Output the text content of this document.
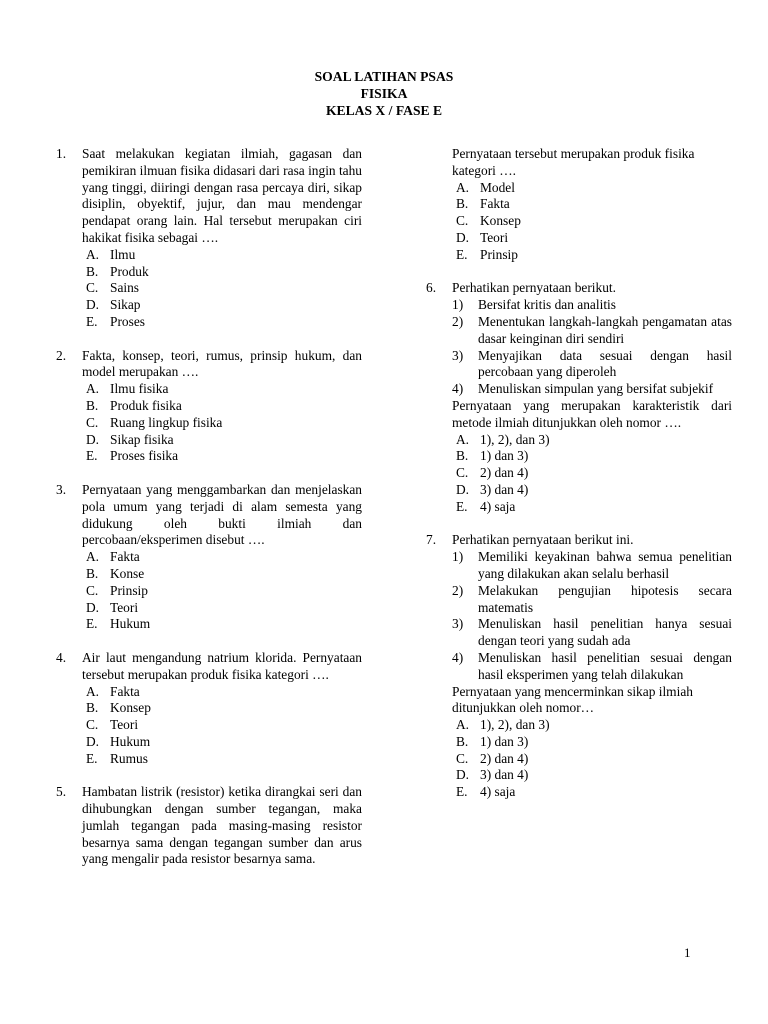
SOAL LATIHAN PSAS
FISIKA
KELAS X / FASE E
1.	Saat melakukan kegiatan ilmiah, gagasan dan pemikiran ilmuan fisika didasari dari rasa ingin tahu yang tinggi, diiringi dengan rasa percaya diri, sikap disiplin, obyektif, jujur, dan mau mendengar pendapat orang lain. Hal tersebut merupakan ciri hakikat fisika sebagai ….
A. Ilmu
B. Produk
C. Sains
D. Sikap
E. Proses
2.	Fakta, konsep, teori, rumus, prinsip hukum, dan model merupakan ….
A. Ilmu fisika
B. Produk fisika
C. Ruang lingkup fisika
D. Sikap fisika
E. Proses fisika
3.	Pernyataan yang menggambarkan dan menjelaskan pola umum yang terjadi di alam semesta yang didukung oleh bukti ilmiah dan percobaan/eksperimen disebut ….
A. Fakta
B. Konse
C. Prinsip
D. Teori
E. Hukum
4.	Air laut mengandung natrium klorida. Pernyataan tersebut merupakan produk fisika kategori ….
A. Fakta
B. Konsep
C. Teori
D. Hukum
E. Rumus
5.	Hambatan listrik (resistor) ketika dirangkai seri dan dihubungkan dengan sumber tegangan, maka jumlah tegangan pada masing-masing resistor besarnya sama dengan tegangan sumber dan arus yang mengalir pada resistor besarnya sama.
Pernyataan tersebut merupakan produk fisika kategori ….
A. Model
B. Fakta
C. Konsep
D. Teori
E. Prinsip
6.	Perhatikan pernyataan berikut.
1) Bersifat kritis dan analitis
2) Menentukan langkah-langkah pengamatan atas dasar keinginan diri sendiri
3) Menyajikan data sesuai dengan hasil percobaan yang diperoleh
4) Menuliskan simpulan yang bersifat subjekif
Pernyataan yang merupakan karakteristik dari metode ilmiah ditunjukkan oleh nomor ….
A. 1), 2), dan 3)
B. 1) dan 3)
C. 2) dan 4)
D. 3) dan 4)
E. 4) saja
7.	Perhatikan pernyataan berikut ini.
1) Memiliki keyakinan bahwa semua penelitian yang dilakukan akan selalu berhasil
2) Melakukan pengujian hipotesis secara matematis
3) Menuliskan hasil penelitian hanya sesuai dengan teori yang sudah ada
4) Menuliskan hasil penelitian sesuai dengan hasil eksperimen yang telah dilakukan
Pernyataan yang mencerminkan sikap ilmiah ditunjukkan oleh nomor…
A. 1), 2), dan 3)
B. 1) dan 3)
C. 2) dan 4)
D. 3) dan 4)
E. 4) saja
1
